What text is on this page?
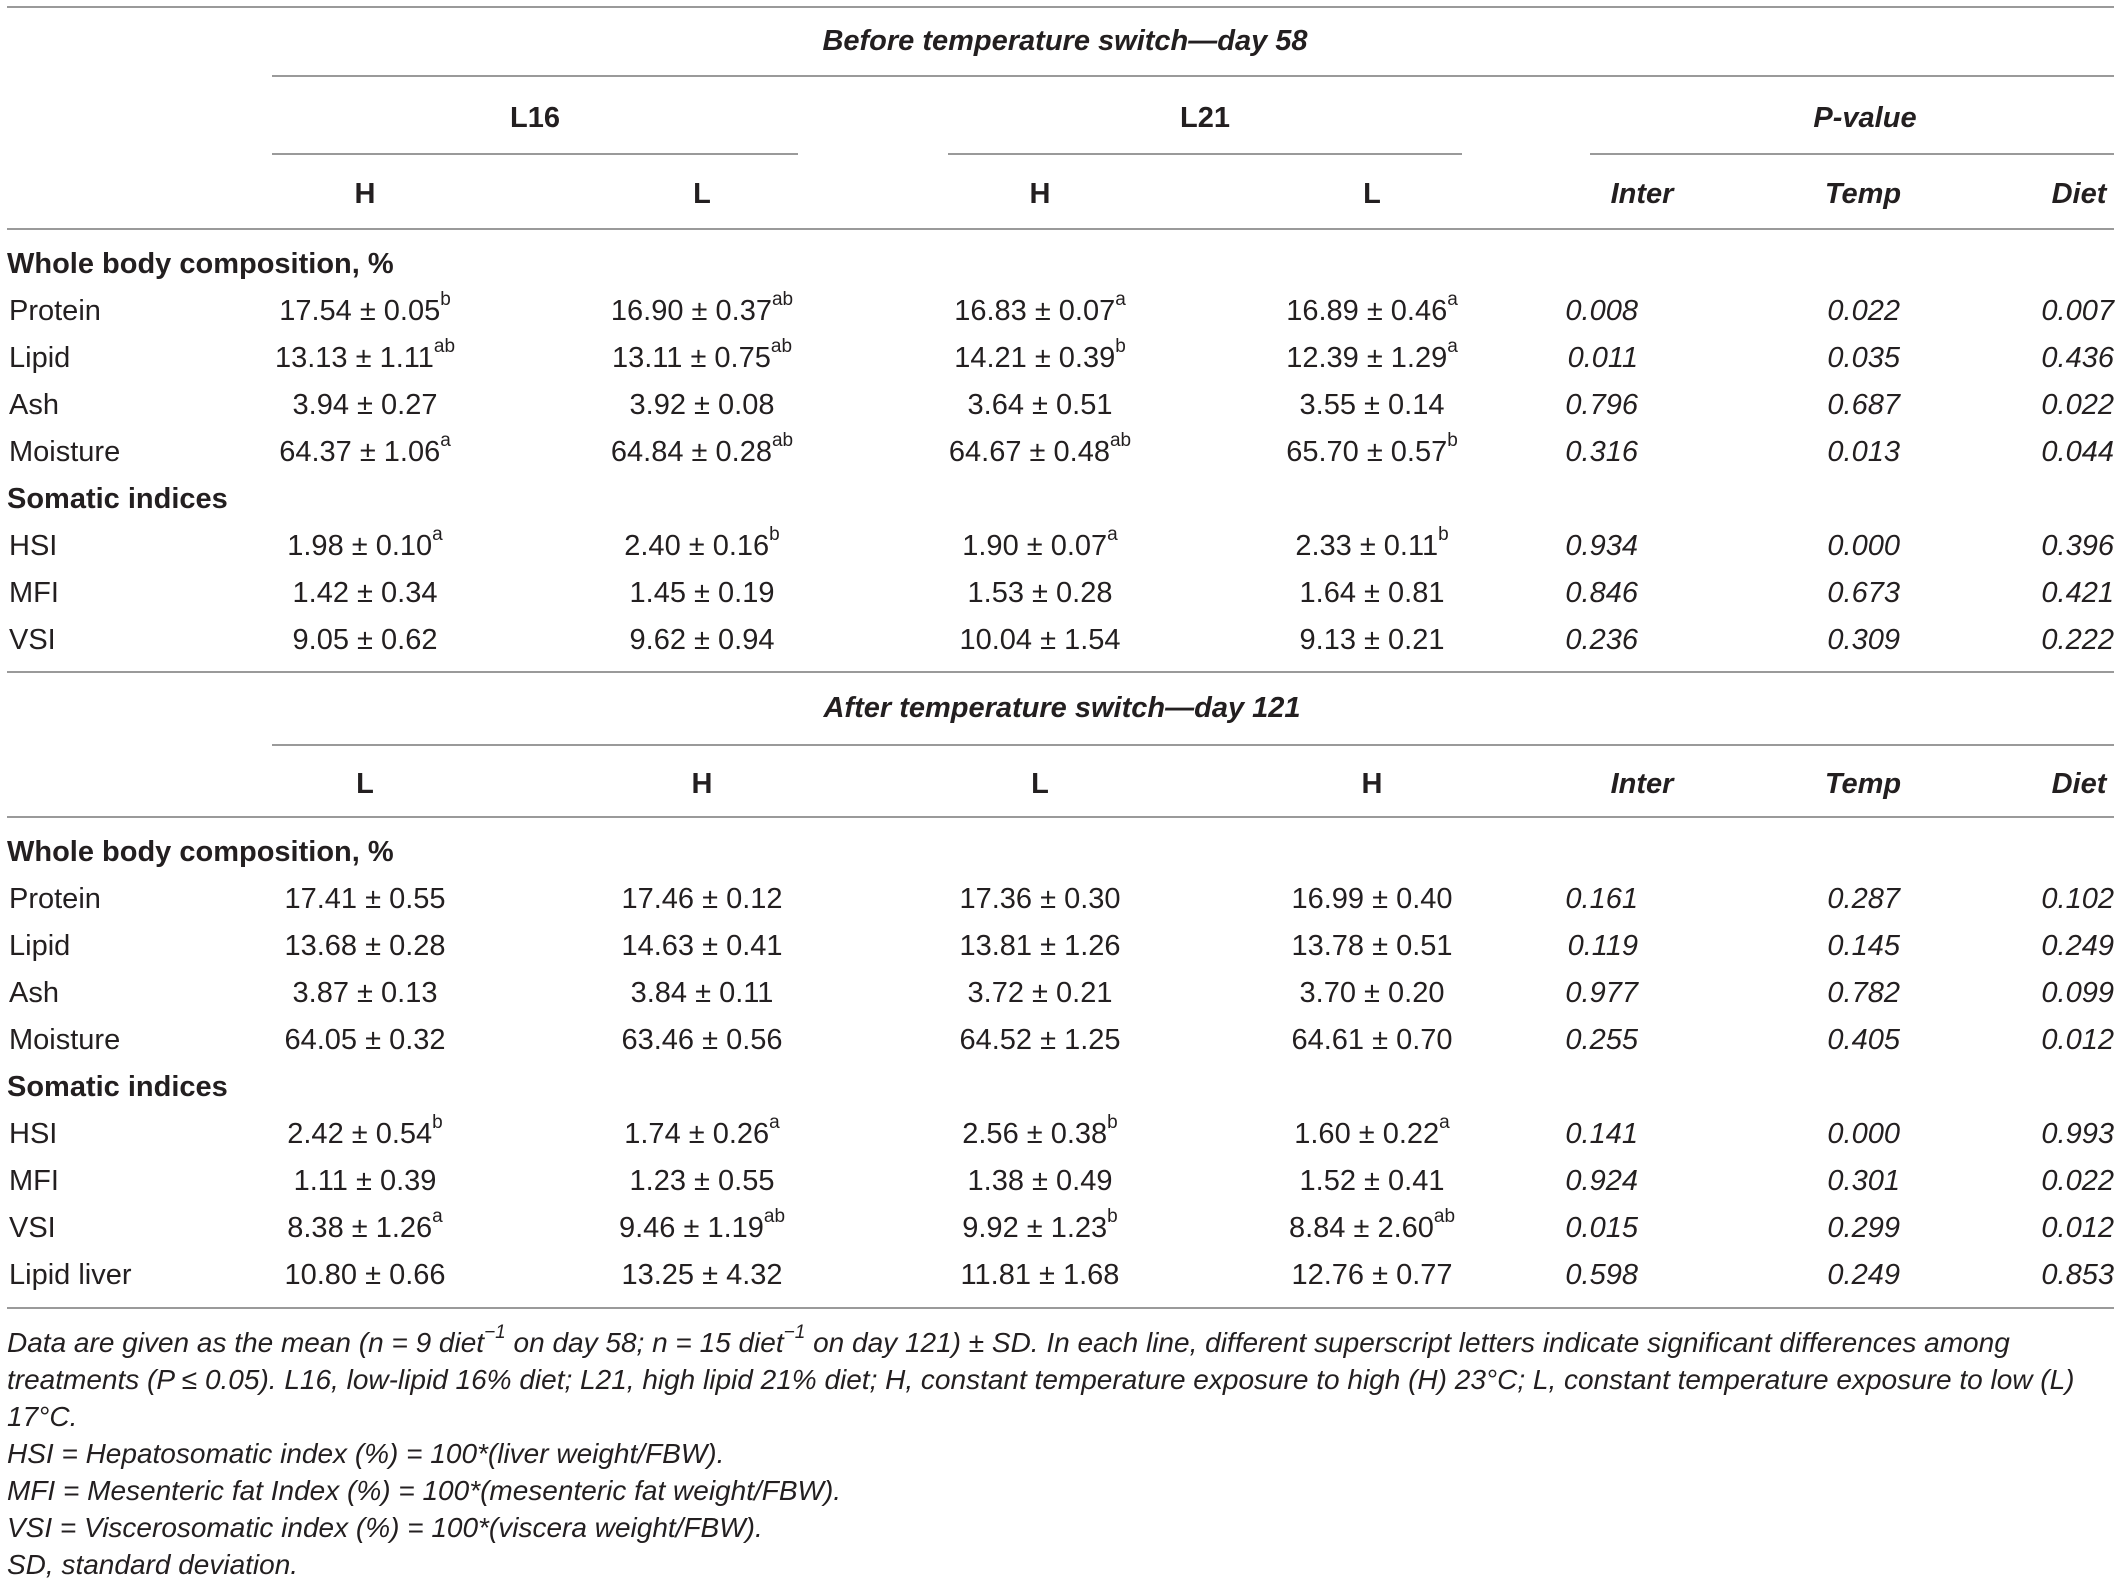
Before temperature switch—day 58
L16	L21	P-value
H	L	H	L	Inter	Temp	Diet
Whole body composition, %
Protein	17.54 ± 0.05$^b$	16.90 ± 0.37$^{ab}$	16.83 ± 0.07$^a$	16.89 ± 0.46$^a$	0.008	0.022	0.007
Lipid	13.13 ± 1.11$^{ab}$	13.11 ± 0.75$^{ab}$	14.21 ± 0.39$^b$	12.39 ± 1.29$^a$	0.011	0.035	0.436
Ash	3.94 ± 0.27	3.92 ± 0.08	3.64 ± 0.51	3.55 ± 0.14	0.796	0.687	0.022
Moisture	64.37 ± 1.06$^a$	64.84 ± 0.28$^{ab}$	64.67 ± 0.48$^{ab}$	65.70 ± 0.57$^b$	0.316	0.013	0.044
Somatic indices
HSI	1.98 ± 0.10$^a$	2.40 ± 0.16$^b$	1.90 ± 0.07$^a$	2.33 ± 0.11$^b$	0.934	0.000	0.396
MFI	1.42 ± 0.34	1.45 ± 0.19	1.53 ± 0.28	1.64 ± 0.81	0.846	0.673	0.421
VSI	9.05 ± 0.62	9.62 ± 0.94	10.04 ± 1.54	9.13 ± 0.21	0.236	0.309	0.222
After temperature switch—day 121
L	H	L	H	Inter	Temp	Diet
Whole body composition, %
Protein	17.41 ± 0.55	17.46 ± 0.12	17.36 ± 0.30	16.99 ± 0.40	0.161	0.287	0.102
Lipid	13.68 ± 0.28	14.63 ± 0.41	13.81 ± 1.26	13.78 ± 0.51	0.119	0.145	0.249
Ash	3.87 ± 0.13	3.84 ± 0.11	3.72 ± 0.21	3.70 ± 0.20	0.977	0.782	0.099
Moisture	64.05 ± 0.32	63.46 ± 0.56	64.52 ± 1.25	64.61 ± 0.70	0.255	0.405	0.012
Somatic indices
HSI	2.42 ± 0.54$^b$	1.74 ± 0.26$^a$	2.56 ± 0.38$^b$	1.60 ± 0.22$^a$	0.141	0.000	0.993
MFI	1.11 ± 0.39	1.23 ± 0.55	1.38 ± 0.49	1.52 ± 0.41	0.924	0.301	0.022
VSI	8.38 ± 1.26$^a$	9.46 ± 1.19$^{ab}$	9.92 ± 1.23$^b$	8.84 ± 2.60$^{ab}$	0.015	0.299	0.012
Lipid liver	10.80 ± 0.66	13.25 ± 4.32	11.81 ± 1.68	12.76 ± 0.77	0.598	0.249	0.853
Data are given as the mean (n = 9 diet$^{-1}$ on day 58; n = 15 diet$^{-1}$ on day 121) ± SD. In each line, different superscript letters indicate significant differences among treatments (P ≤ 0.05). L16, low-lipid 16% diet; L21, high lipid 21% diet; H, constant temperature exposure to high (H) 23°C; L, constant temperature exposure to low (L) 17°C.
HSI = Hepatosomatic index (%) = 100*(liver weight/FBW).
MFI = Mesenteric fat Index (%) = 100*(mesenteric fat weight/FBW).
VSI = Viscerosomatic index (%) = 100*(viscera weight/FBW).
SD, standard deviation.
